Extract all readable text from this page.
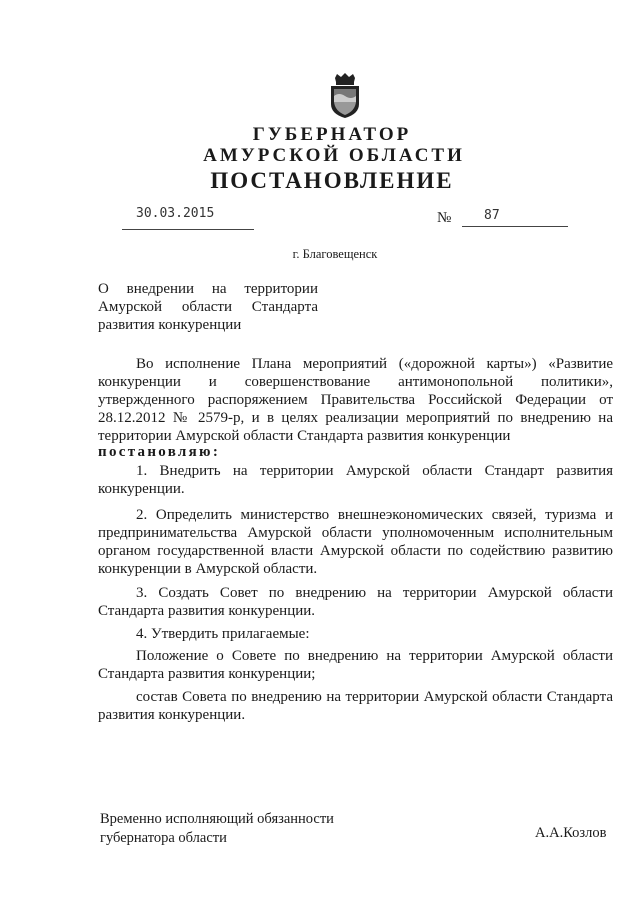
ГУБЕРНАТОР
АМУРСКОЙ ОБЛАСТИ
ПОСТАНОВЛЕНИЕ
30.03.2015	№	87
г. Благовещенск
О внедрении на территории
Амурской области Стандарта
развития конкуренции
Во исполнение Плана мероприятий («дорожной карты») «Развитие
конкуренции и совершенствование антимонопольной политики»,
утвержденного распоряжением Правительства Российской Федерации от
28.12.2012 № 2579-р, и в целях реализации мероприятий по внедрению на
территории Амурской области Стандарта развития конкуренции
постановляю:
1. Внедрить на территории Амурской области Стандарт развития
конкуренции.
2. Определить министерство внешнеэкономических связей, туризма и
предпринимательства Амурской области уполномоченным исполнительным
органом государственной власти Амурской области по содействию развитию
конкуренции в Амурской области.
3. Создать Совет по внедрению на территории Амурской области
Стандарта развития конкуренции.
4. Утвердить прилагаемые:
Положение о Совете по внедрению на территории Амурской области
Стандарта развития конкуренции;
состав Совета по внедрению на территории Амурской области Стандарта
развития конкуренции.
Временно исполняющий обязанности
губернатора области	А.А.Козлов
